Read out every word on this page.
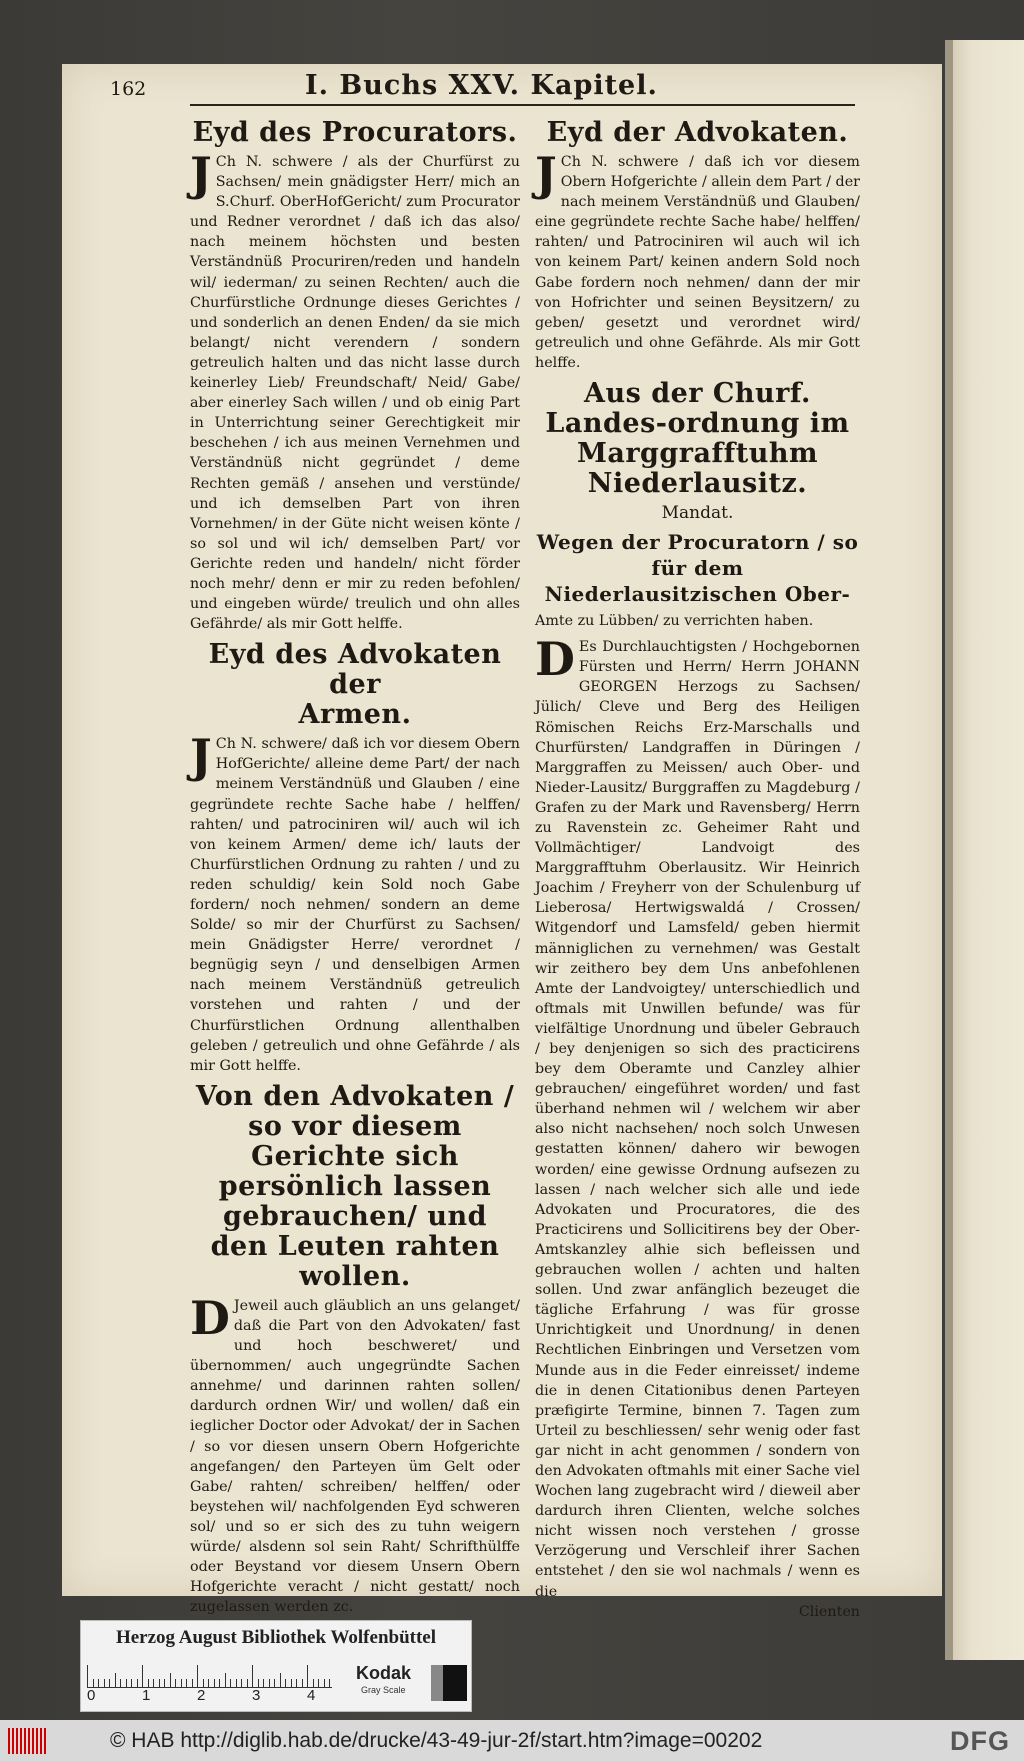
162	I. Buchs XXV. Kapitel.
Eyd des Procurators.

J Ch N. schwere / als der Churfürst zu Sachsen/ mein gnädigster Herr/ mich an S.Churf. OberHofGericht/ zum Procurator und Redner verordnet / daß ich das also/ nach meinem höchsten und besten Verständnüß Procuriren/reden und handeln wil/ iederman/ zu seinen Rechten/ auch die Churfürstliche Ordnunge dieses Gerichtes / und sonderlich an denen Enden/ da sie mich belangt/ nicht verendern / sondern getreulich halten und das nicht lasse durch keinerley Lieb/ Freundschaft/ Neid/ Gabe/ aber einerley Sach willen / und ob einig Part in Unterrichtung seiner Gerechtigkeit mir beschehen / ich aus meinen Vernehmen und Verständnüß nicht gegründet / deme Rechten gemäß / ansehen und verstünde/ und ich demselben Part von ihren Vornehmen/ in der Güte nicht weisen könte / so sol und wil ich/ demselben Part/ vor Gerichte reden und handeln/ nicht förder noch mehr/ denn er mir zu reden befohlen/ und eingeben würde/ treulich und ohn alles Gefährde/ als mir Gott helffe.

Eyd des Advokaten der
Armen.

J Ch N. schwere/ daß ich vor diesem Obern HofGerichte/ alleine deme Part/ der nach meinem Verständnüß und Glauben / eine gegründete rechte Sache habe / helffen/ rahten/ und patrociniren wil/ auch wil ich von keinem Armen/ deme ich/ lauts der Churfürstlichen Ordnung zu rahten / und zu reden schuldig/ kein Sold noch Gabe fordern/ noch nehmen/ sondern an deme Solde/ so mir der Churfürst zu Sachsen/ mein Gnädigster Herre/ verordnet / begnügig seyn / und denselbigen Armen nach meinem Verständnüß getreulich vorstehen und rahten / und der Churfürstlichen Ordnung allenthalben geleben / getreulich und ohne Gefährde / als mir Gott helffe.

Von den Advokaten / so vor diesem Gerichte sich persönlich lassen gebrauchen/ und den Leuten rahten wollen.

D Jeweil auch gläublich an uns gelanget/ daß die Part von den Advokaten/ fast und hoch beschweret/ und übernommen/ auch ungegründte Sachen annehme/ und darinnen rahten sollen/ dardurch ordnen Wir/ und wollen/ daß ein ieglicher Doctor oder Advokat/ der in Sachen / so vor diesen unsern Obern Hofgerichte angefangen/ den Parteyen üm Gelt oder Gabe/ rahten/ schreiben/ helffen/ oder beystehen wil/ nachfolgenden Eyd schweren sol/ und so er sich des zu tuhn weigern würde/ alsdenn sol sein Raht/ Schrifthülffe oder Beystand vor diesem Unsern Obern Hofgerichte veracht / nicht gestatt/ noch zugelassen werden zc.

Eyd der Advokaten.

J Ch N. schwere / daß ich vor diesem Obern Hofgerichte / allein dem Part / der nach meinem Verständnüß und Glauben/ eine gegründete rechte Sache habe/ helffen/ rahten/ und Patrociniren wil auch wil ich von keinem Part/ keinen andern Sold noch Gabe fordern noch nehmen/ dann der mir von Hofrichter und seinen Beysitzern/ zu geben/ gesetzt und verordnet wird/ getreulich und ohne Gefährde. Als mir Gott helffe.

Aus der Churf. Landes-ordnung im Marggrafftuhm Niederlausitz.
Mandat.
Wegen der Procuratorn / so für dem Niederlausitzischen Ober-

Amte zu Lübben/ zu verrichten haben.

D Es Durchlauchtigsten / Hochgebornen Fürsten und Herrn/ Herrn JOHANN GEORGEN Herzogs zu Sachsen/ Jülich/ Cleve und Berg des Heiligen Römischen Reichs Erz-Marschalls und Churfürsten/ Landgraffen in Düringen / Marggraffen zu Meissen/ auch Ober- und Nieder-Lausitz/ Burggraffen zu Magdeburg / Grafen zu der Mark und Ravensberg/ Herrn zu Ravenstein zc. Geheimer Raht und Vollmächtiger/ Landvoigt des Marggrafftuhm Oberlausitz. Wir Heinrich Joachim / Freyherr von der Schulenburg uf Lieberosa/ Hertwigswaldá / Crossen/ Witgendorf und Lamsfeld/ geben hiermit männiglichen zu vernehmen/ was Gestalt wir zeithero bey dem Uns anbefohlenen Amte der Landvoigtey/ unterschiedlich und oftmals mit Unwillen befunde/ was für vielfältige Unordnung und übeler Gebrauch / bey denjenigen so sich des practicirens bey dem Oberamte und Canzley alhier gebrauchen/ eingeführet worden/ und fast überhand nehmen wil / welchem wir aber also nicht nachsehen/ noch solch Unwesen gestatten können/ dahero wir bewogen worden/ eine gewisse Ordnung aufsezen zu lassen / nach welcher sich alle und iede Advokaten und Procuratores, die des Practicirens und Sollicitirens bey der Ober-Amtskanzley alhie sich befleissen und gebrauchen wollen / achten und halten sollen. Und zwar anfänglich bezeuget die tägliche Erfahrung / was für grosse Unrichtigkeit und Unordnung/ in denen Rechtlichen Einbringen und Versetzen vom Munde aus in die Feder einreisset/ indeme die in denen Citationibus denen Parteyen præfigirte Termine, binnen 7. Tagen zum Urteil zu beschliessen/ sehr wenig oder fast gar nicht in acht genommen / sondern von den Advokaten oftmahls mit einer Sache viel Wochen lang zugebracht wird / dieweil aber dardurch ihren Clienten, welche solches nicht wissen noch verstehen / grosse Verzögerung und Verschleif ihrer Sachen entstehet / den sie wol nachmals / wenn es die

Clienten
Herzog August Bibliothek Wolfenbüttel
0	1	2	3	4
Kodak
Gray Scale
© HAB http://diglib.hab.de/drucke/43-49-jur-2f/start.htm?image=00202	DFG
